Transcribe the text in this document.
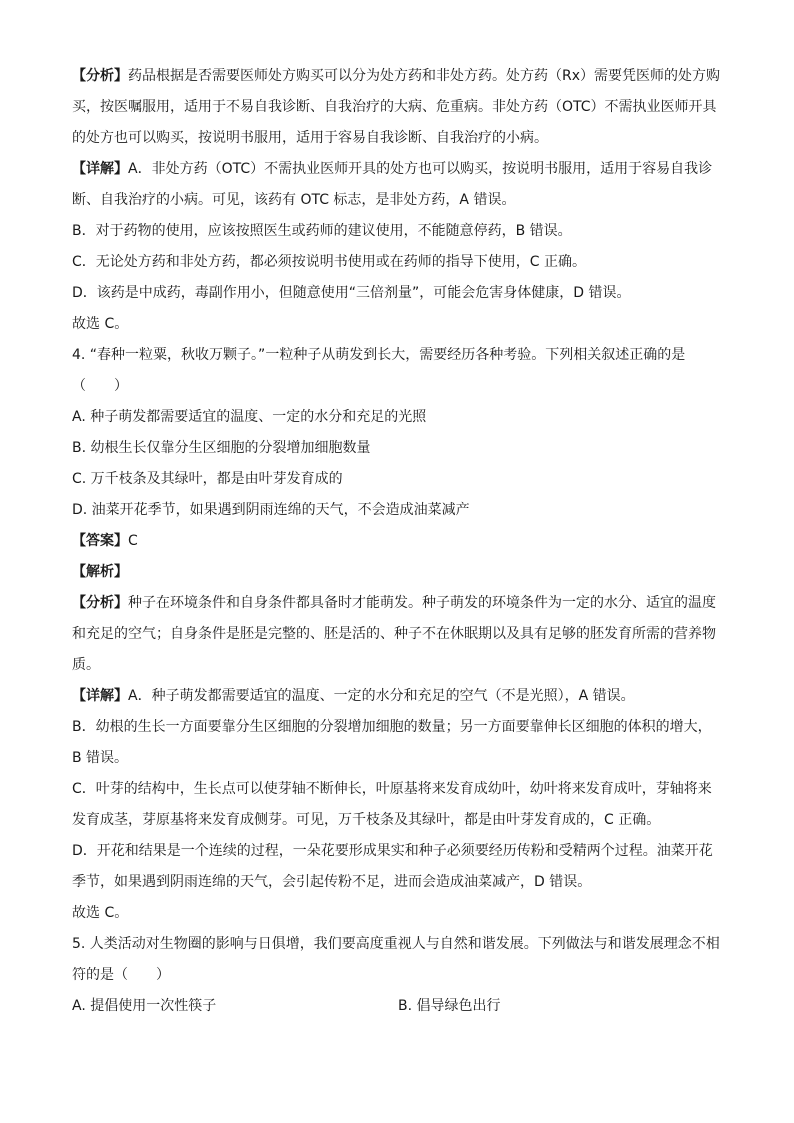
【分析】药品根据是否需要医师处方购买可以分为处方药和非处方药。处方药（Rx）需要凭医师的处方购
买，按医嘱服用，适用于不易自我诊断、自我治疗的大病、危重病。非处方药（OTC）不需执业医师开具
的处方也可以购买，按说明书服用，适用于容易自我诊断、自我治疗的小病。
【详解】A．非处方药（OTC）不需执业医师开具的处方也可以购买，按说明书服用，适用于容易自我诊
断、自我治疗的小病。可见，该药有 OTC 标志，是非处方药，A 错误。
B．对于药物的使用，应该按照医生或药师的建议使用，不能随意停药，B 错误。
C．无论处方药和非处方药，都必须按说明书使用或在药师的指导下使用，C 正确。
D．该药是中成药，毒副作用小，但随意使用“三倍剂量”，可能会危害身体健康，D 错误。
故选 C。
4. “春种一粒粟，秋收万颗子。”一粒种子从萌发到长大，需要经历各种考验。下列相关叙述正确的是
（　　）
A. 种子萌发都需要适宜的温度、一定的水分和充足的光照
B. 幼根生长仅靠分生区细胞的分裂增加细胞数量
C. 万千枝条及其绿叶，都是由叶芽发育成的
D. 油菜开花季节，如果遇到阴雨连绵的天气，不会造成油菜减产
【答案】C
【解析】
【分析】种子在环境条件和自身条件都具备时才能萌发。种子萌发的环境条件为一定的水分、适宜的温度
和充足的空气；自身条件是胚是完整的、胚是活的、种子不在休眠期以及具有足够的胚发育所需的营养物
质。
【详解】A．种子萌发都需要适宜的温度、一定的水分和充足的空气（不是光照），A 错误。
B．幼根的生长一方面要靠分生区细胞的分裂增加细胞的数量；另一方面要靠伸长区细胞的体积的增大，
B 错误。
C．叶芽的结构中，生长点可以使芽轴不断伸长，叶原基将来发育成幼叶，幼叶将来发育成叶，芽轴将来
发育成茎，芽原基将来发育成侧芽。可见，万千枝条及其绿叶，都是由叶芽发育成的，C 正确。
D．开花和结果是一个连续的过程，一朵花要形成果实和种子必须要经历传粉和受精两个过程。油菜开花
季节，如果遇到阴雨连绵的天气，会引起传粉不足，进而会造成油菜减产，D 错误。
故选 C。
5. 人类活动对生物圈的影响与日俱增，我们要高度重视人与自然和谐发展。下列做法与和谐发展理念不相
符的是（　　）
A. 提倡使用一次性筷子	B. 倡导绿色出行
